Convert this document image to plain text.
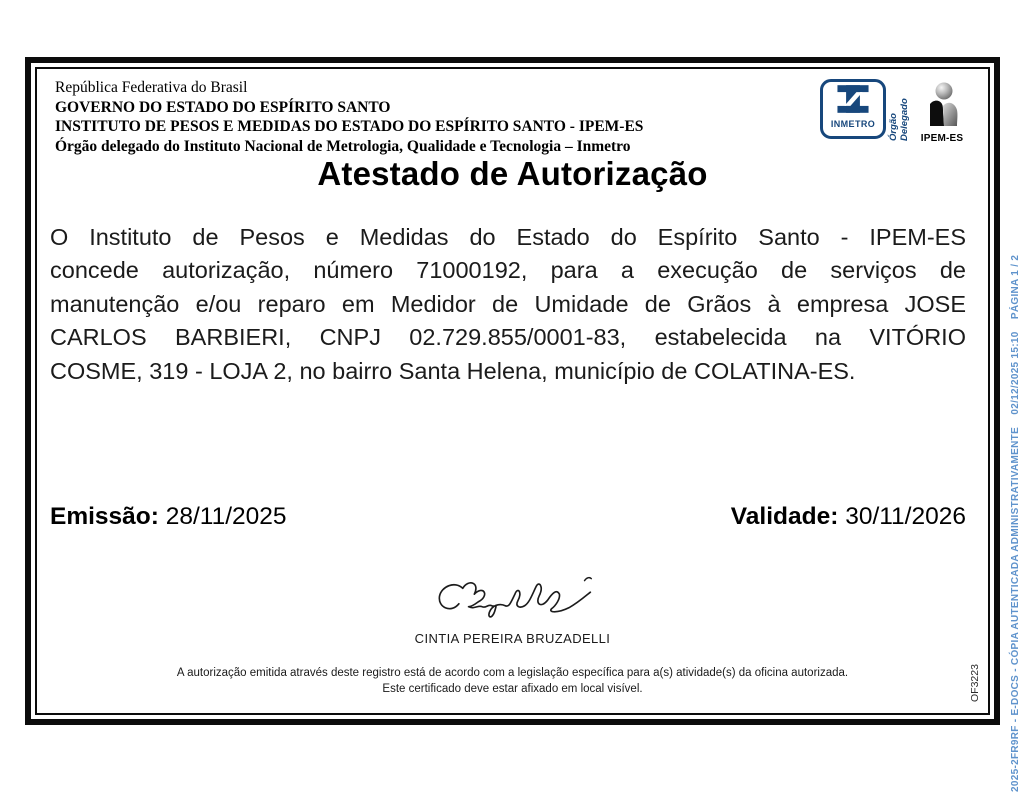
República Federativa do Brasil
GOVERNO DO ESTADO DO ESPÍRITO SANTO
INSTITUTO DE PESOS E MEDIDAS DO ESTADO DO ESPÍRITO SANTO - IPEM-ES
Órgão delegado do Instituto Nacional de Metrologia, Qualidade e Tecnologia – Inmetro
INMETRO Órgão Delegado	IPEM-ES
Atestado de Autorização
O Instituto de Pesos e Medidas do Estado do Espírito Santo - IPEM-ES
concede autorização, número 71000192, para a execução de serviços de
manutenção e/ou reparo em Medidor de Umidade de Grãos à empresa JOSE
CARLOS BARBIERI, CNPJ 02.729.855/0001-83, estabelecida na VITÓRIO
COSME, 319 - LOJA 2, no bairro Santa Helena, município de COLATINA-ES.
Emissão: 28/11/2025	Validade: 30/11/2026
CINTIA PEREIRA BRUZADELLI
A autorização emitida através deste registro está de acordo com a legislação específica para a(s) atividade(s) da oficina autorizada.
Este certificado deve estar afixado em local visível.	OF3223	2025-2FR9RF - E-DOCS - CÓPIA AUTENTICADA ADMINISTRATIVAMENTE    02/12/2025 15:10    PÁGINA 1 / 2
